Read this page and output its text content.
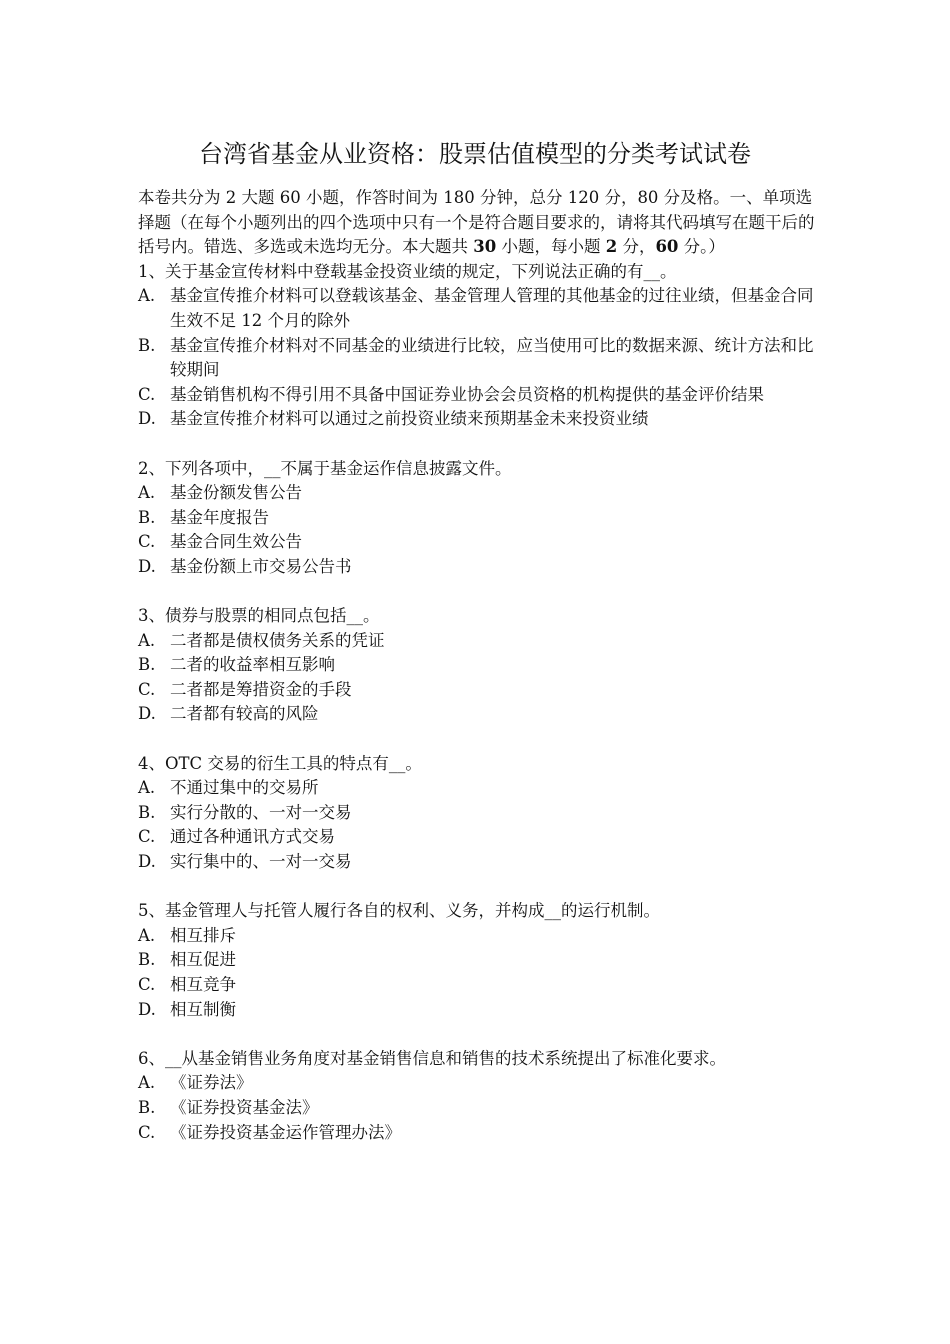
台湾省基金从业资格：股票估值模型的分类考试试卷

本卷共分为 2 大题 60 小题，作答时间为 180 分钟，总分 120 分，80 分及格。一、单项选择题（在每个小题列出的四个选项中只有一个是符合题目要求的，请将其代码填写在题干后的括号内。错选、多选或未选均无分。本大题共 30 小题，每小题 2 分，60 分。）

1、关于基金宣传材料中登载基金投资业绩的规定，下列说法正确的有__。

A. 基金宣传推介材料可以登载该基金、基金管理人管理的其他基金的过往业绩，但基金合同生效不足 12 个月的除外
B. 基金宣传推介材料对不同基金的业绩进行比较，应当使用可比的数据来源、统计方法和比较期间
C. 基金销售机构不得引用不具备中国证券业协会会员资格的机构提供的基金评价结果
D. 基金宣传推介材料可以通过之前投资业绩来预期基金未来投资业绩

2、下列各项中，__不属于基金运作信息披露文件。

A. 基金份额发售公告
B. 基金年度报告
C. 基金合同生效公告
D. 基金份额上市交易公告书

3、债券与股票的相同点包括__。

A. 二者都是债权债务关系的凭证
B. 二者的收益率相互影响
C. 二者都是筹措资金的手段
D. 二者都有较高的风险

4、OTC 交易的衍生工具的特点有__。

A. 不通过集中的交易所
B. 实行分散的、一对一交易
C. 通过各种通讯方式交易
D. 实行集中的、一对一交易

5、基金管理人与托管人履行各自的权利、义务，并构成__的运行机制。

A. 相互排斥
B. 相互促进
C. 相互竞争
D. 相互制衡

6、__从基金销售业务角度对基金销售信息和销售的技术系统提出了标准化要求。

A. 《证券法》
B. 《证券投资基金法》
C. 《证券投资基金运作管理办法》
